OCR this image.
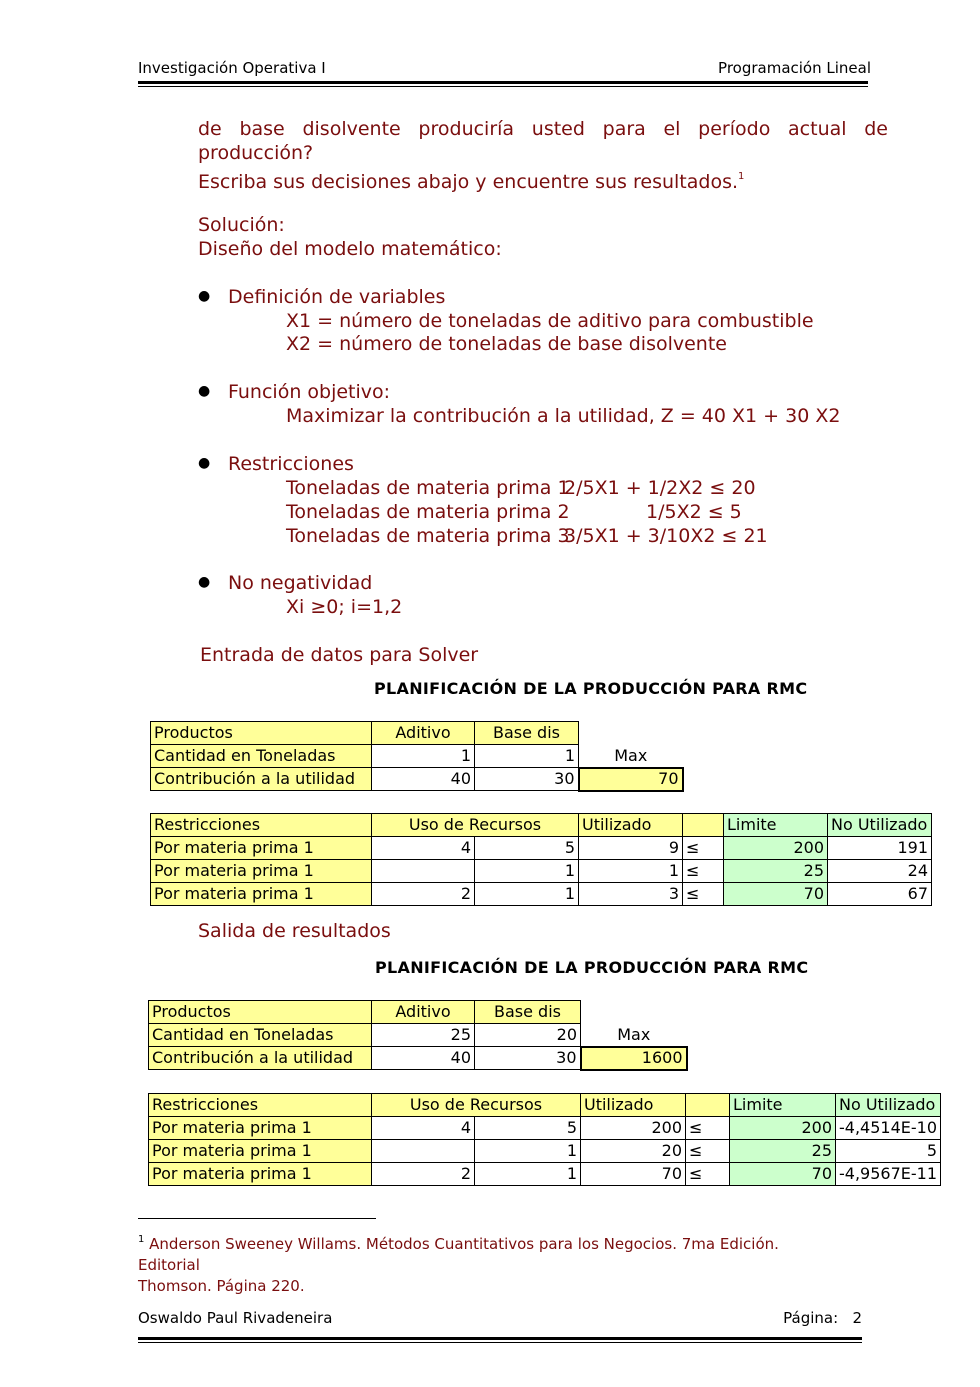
Investigación Operativa I	Programación Lineal
de base disolvente produciría usted para el período actual de producción?
Escriba sus decisiones abajo y encuentre sus resultados.$^1$
Solución:
Diseño del modelo matemático:
● Definición de variables
X1 = número de toneladas de aditivo para combustible
X2 = número de toneladas de base disolvente
● Función objetivo:
Maximizar la contribución a la utilidad, Z = 40 X1 + 30 X2
● Restricciones
Toneladas de materia prima 1
2/5X1 + 1/2X2 ≤ 20
Toneladas de materia prima 2	1/5X2 ≤ 5
Toneladas de materia prima 3
3/5X1 + 3/10X2 ≤ 21
● No negatividad
Xi ≥0; i=1,2
Entrada de datos para Solver
PLANIFICACIÓN DE LA PRODUCCIÓN PARA RMC
Productos	Aditivo	Base dis	
Cantidad en Toneladas	1	1	Max
Contribución a la utilidad	40	30	70
Restricciones	Uso de Recursos		Utilizado		Limite	No Utilizado
Por materia prima 1	4	5	9	≤	200	191
Por materia prima 1		1	1	≤	25	24
Por materia prima 1	2	1	3	≤	70	67
Salida de resultados
PLANIFICACIÓN DE LA PRODUCCIÓN PARA RMC
Productos	Aditivo	Base dis	
Cantidad en Toneladas	25	20	Max
Contribución a la utilidad	40	30	1600
Restricciones	Uso de Recursos		Utilizado		Limite	No Utilizado
Por materia prima 1	4	5	200	≤	200	-4,4514E-10
Por materia prima 1		1	20	≤	25	5
Por materia prima 1	2	1	70	≤	70	-4,9567E-11
$^1$ Anderson Sweeney Willams. Métodos Cuantitativos para los Negocios. 7ma Edición. Editorial
Thomson. Página 220.
Oswaldo Paul Rivadeneira	Página: 2
